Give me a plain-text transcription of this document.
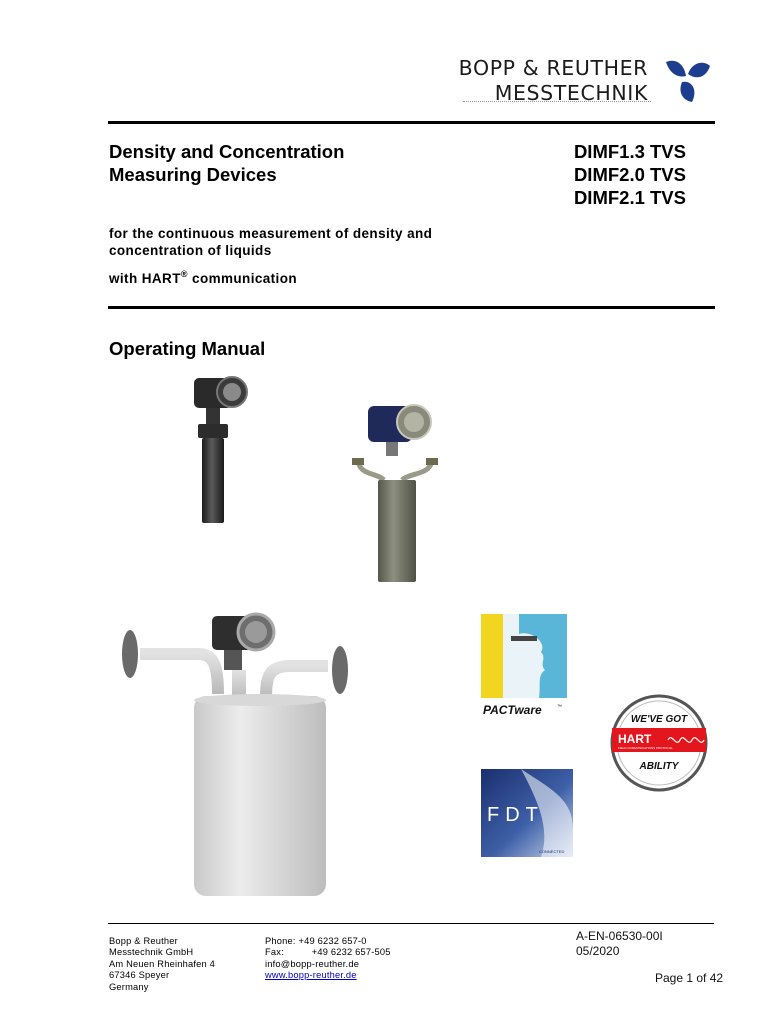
BOPP & REUTHER
MESSTECHNIK
Density and Concentration
Measuring Devices
DIMF1.3 TVS
DIMF2.0 TVS
DIMF2.1 TVS

for the continuous measurement of density and

concentration of liquids

with HART® communication

Operating Manual
PACTware	™
WE'VE GOT
HART
FIELD COMMUNICATIONS PROTOCOL
ABILITY
FDT
CONNECTED
Bopp & Reuther
Messtechnik GmbH
Am Neuen Rheinhafen 4
67346 Speyer
Germany
Phone: +49 6232 657-0
Fax:          +49 6232 657-505
info@bopp-reuther.de
www.bopp-reuther.de
A-EN-06530-00I
05/2020
Page 1 of 42
